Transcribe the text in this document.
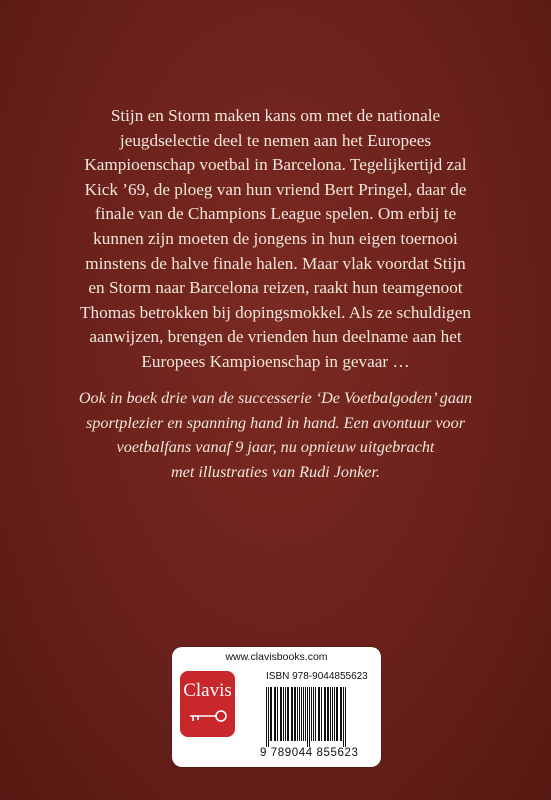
Stijn en Storm maken kans om met de nationale
jeugdselectie deel te nemen aan het Europees
Kampioenschap voetbal in Barcelona. Tegelijkertijd zal
Kick ’69, de ploeg van hun vriend Bert Pringel, daar de
finale van de Champions League spelen. Om erbij te
kunnen zijn moeten de jongens in hun eigen toernooi
minstens de halve finale halen. Maar vlak voordat Stijn
en Storm naar Barcelona reizen, raakt hun teamgenoot
Thomas betrokken bij dopingsmokkel. Als ze schuldigen
aanwijzen, brengen de vrienden hun deelname aan het
Europees Kampioenschap in gevaar …
Ook in boek drie van de successerie ‘De Voetbalgoden’ gaan
sportplezier en spanning hand in hand. Een avontuur voor
voetbalfans vanaf 9 jaar, nu opnieuw uitgebracht
met illustraties van Rudi Jonker.
www.clavisbooks.com
Clavis
ISBN 978-9044855623
9 789044 855623
